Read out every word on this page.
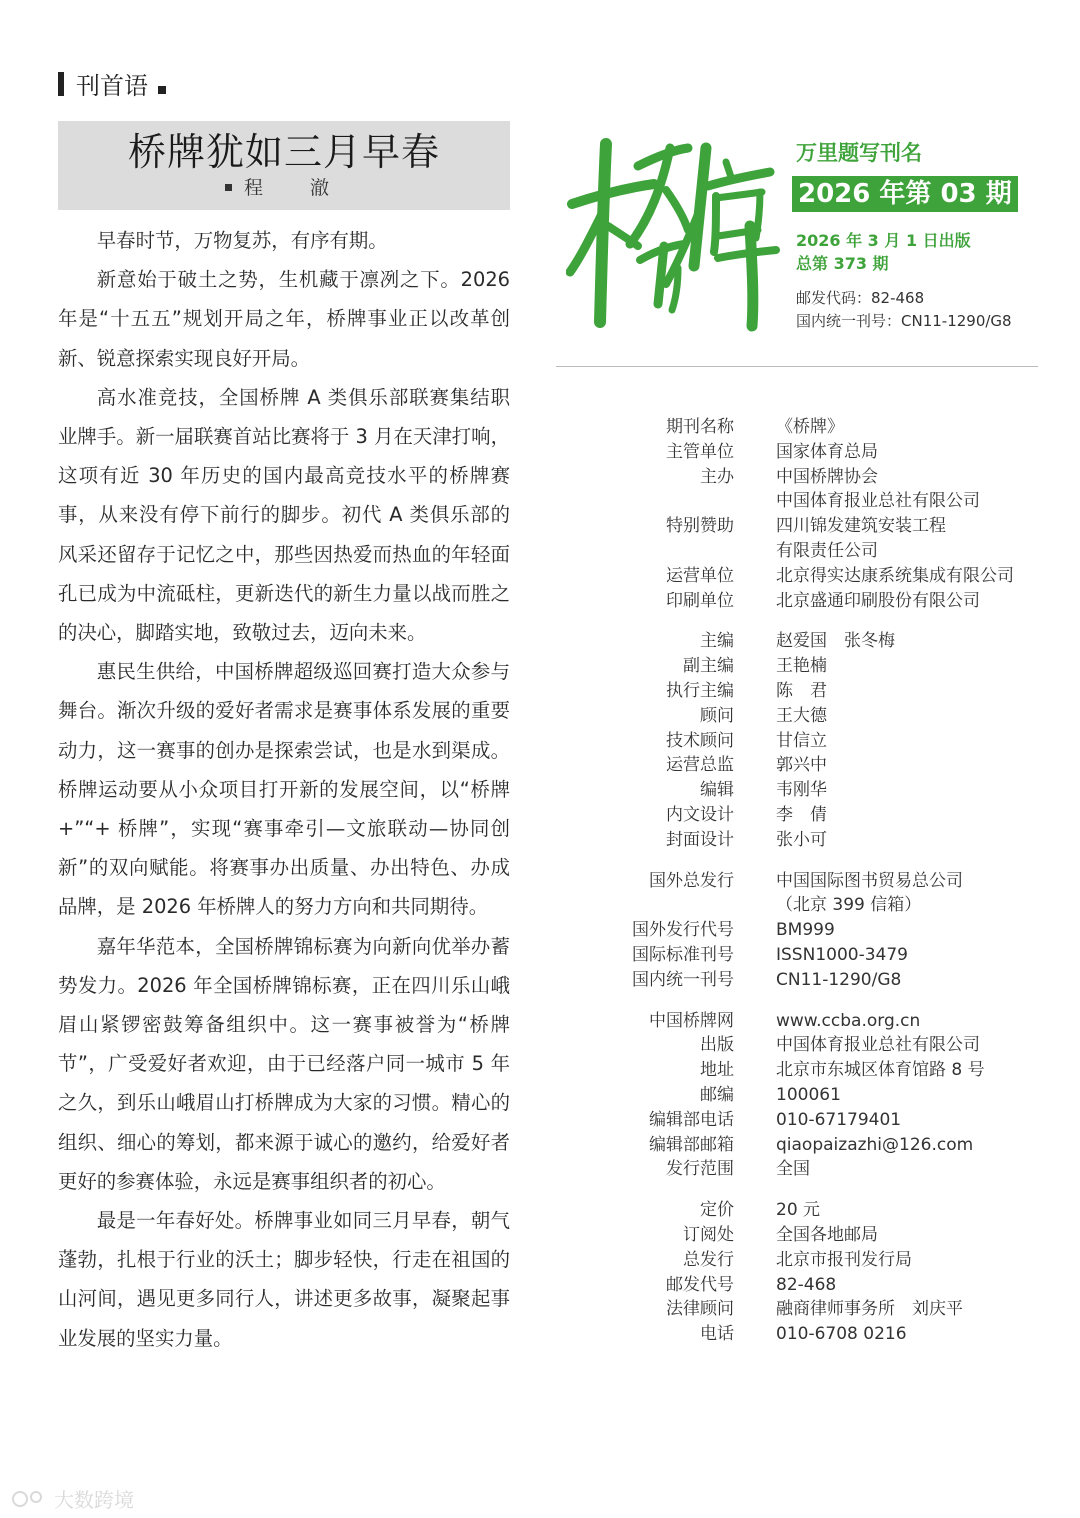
刊首语
桥牌犹如三月早春
程　澈

早春时节，万物复苏，有序有期。

新意始于破土之势，生机藏于凛冽之下。2026 年是“十五五”规划开局之年，桥牌事业正以改革创新、锐意探索实现良好开局。

高水准竞技，全国桥牌 A 类俱乐部联赛集结职业牌手。新一届联赛首站比赛将于 3 月在天津打响，这项有近 30 年历史的国内最高竞技水平的桥牌赛事，从来没有停下前行的脚步。初代 A 类俱乐部的风采还留存于记忆之中，那些因热爱而热血的年轻面孔已成为中流砥柱，更新迭代的新生力量以战而胜之的决心，脚踏实地，致敬过去，迈向未来。

惠民生供给，中国桥牌超级巡回赛打造大众参与舞台。渐次升级的爱好者需求是赛事体系发展的重要动力，这一赛事的创办是探索尝试，也是水到渠成。桥牌运动要从小众项目打开新的发展空间，以“桥牌 +”“+ 桥牌”，实现“赛事牵引—文旅联动—协同创新”的双向赋能。将赛事办出质量、办出特色、办成品牌，是 2026 年桥牌人的努力方向和共同期待。

嘉年华范本，全国桥牌锦标赛为向新向优举办蓄势发力。2026 年全国桥牌锦标赛，正在四川乐山峨眉山紧锣密鼓筹备组织中。这一赛事被誉为“桥牌节”，广受爱好者欢迎，由于已经落户同一城市 5 年之久，到乐山峨眉山打桥牌成为大家的习惯。精心的组织、细心的筹划，都来源于诚心的邀约，给爱好者更好的参赛体验，永远是赛事组织者的初心。

最是一年春好处。桥牌事业如同三月早春，朝气蓬勃，扎根于行业的沃土；脚步轻快，行走在祖国的山河间，遇见更多同行人，讲述更多故事，凝聚起事业发展的坚实力量。

万里题写刊名
2026 年第 03 期
2026 年 3 月 1 日出版
总第 373 期
邮发代码：82-468
国内统一刊号：CN11-1290/G8
期刊名称 《桥牌》
主管单位 国家体育总局
主办 中国桥牌协会
中国体育报业总社有限公司
特别赞助 四川锦发建筑安装工程
有限责任公司
运营单位 北京得实达康系统集成有限公司
印刷单位 北京盛通印刷股份有限公司
主编 赵爱国　张冬梅
副主编 王艳楠
执行主编 陈　君
顾问 王大德
技术顾问 甘信立
运营总监 郭兴中
编辑 韦刚华
内文设计 李　倩
封面设计 张小可
国外总发行 中国国际图书贸易总公司
（北京 399 信箱）
国外发行代号 BM999
国际标准刊号 ISSN1000-3479
国内统一刊号 CN11-1290/G8
中国桥牌网 www.ccba.org.cn
出版 中国体育报业总社有限公司
地址 北京市东城区体育馆路 8 号
邮编 100061
编辑部电话 010-67179401
编辑部邮箱 qiaopaizazhi@126.com
发行范围 全国
定价 20 元
订阅处 全国各地邮局
总发行 北京市报刊发行局
邮发代号 82-468
法律顾问 融商律师事务所　刘庆平
电话 010-6708 0216
大数跨境
